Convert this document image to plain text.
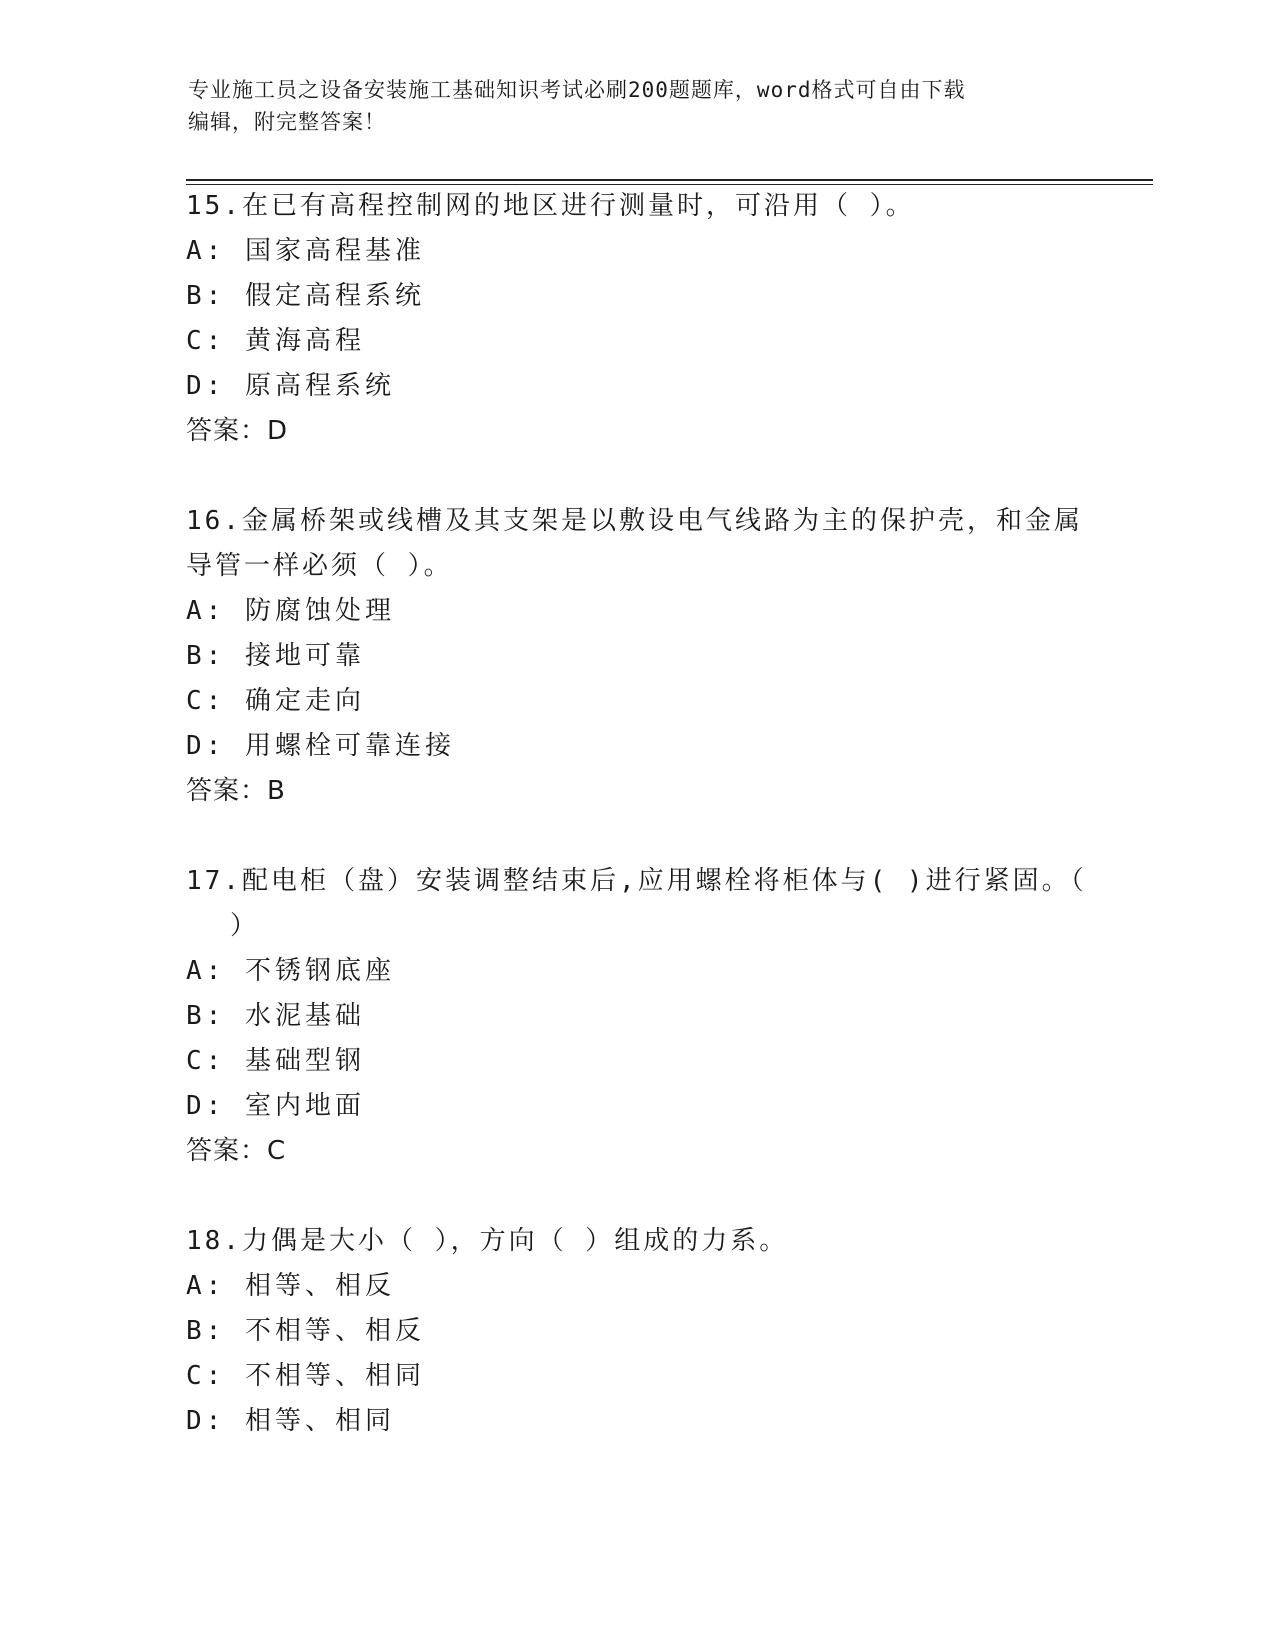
专业施工员之设备安装施工基础知识考试必刷200题题库，word格式可自由下载
编辑，附完整答案！
15.在已有高程控制网的地区进行测量时，可沿用（ ）。
A: 国家高程基准
B: 假定高程系统
C: 黄海高程
D: 原高程系统
答案：D
16.金属桥架或线槽及其支架是以敷设电气线路为主的保护壳，和金属
导管一样必须（ ）。
A: 防腐蚀处理
B: 接地可靠
C: 确定走向
D: 用螺栓可靠连接
答案：B
17.配电柜（盘）安装调整结束后,应用螺栓将柜体与( )进行紧固。（
）
A: 不锈钢底座
B: 水泥基础
C: 基础型钢
D: 室内地面
答案：C
18.力偶是大小（ ），方向（ ）组成的力系。
A: 相等、相反
B: 不相等、相反
C: 不相等、相同
D: 相等、相同
